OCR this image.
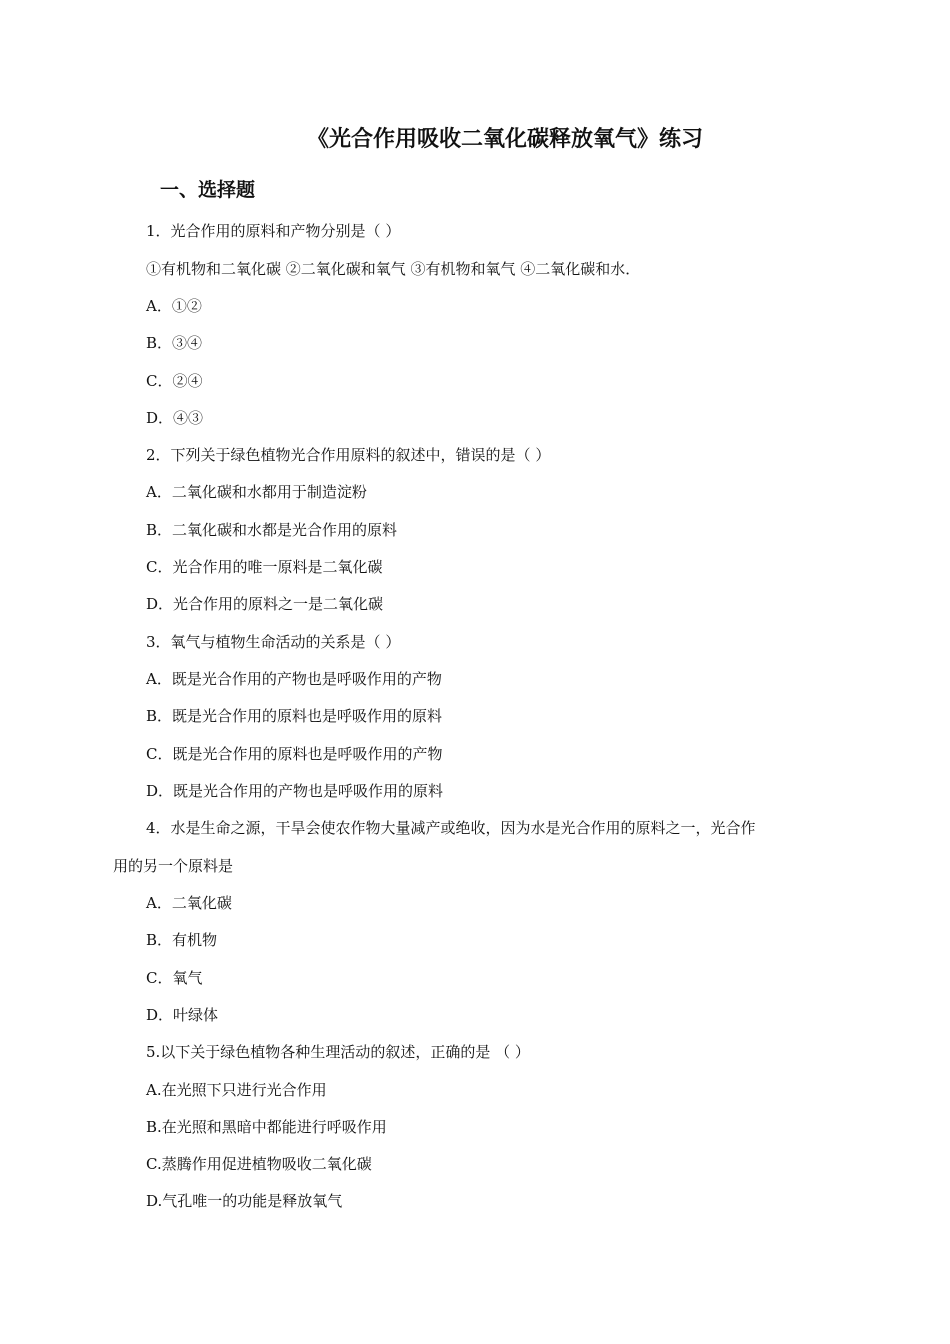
《光合作用吸收二氧化碳释放氧气》练习
一、选择题
1．光合作用的原料和产物分别是（ ）
①有机物和二氧化碳 ②二氧化碳和氧气 ③有机物和氧气 ④二氧化碳和水．
A．①②
B．③④
C．②④
D．④③
2．下列关于绿色植物光合作用原料的叙述中，错误的是（ ）
A．二氧化碳和水都用于制造淀粉
B．二氧化碳和水都是光合作用的原料
C．光合作用的唯一原料是二氧化碳
D．光合作用的原料之一是二氧化碳
3．氧气与植物生命活动的关系是（ ）
A．既是光合作用的产物也是呼吸作用的产物
B．既是光合作用的原料也是呼吸作用的原料
C．既是光合作用的原料也是呼吸作用的产物
D．既是光合作用的产物也是呼吸作用的原料
4．水是生命之源，干旱会使农作物大量减产或绝收，因为水是光合作用的原料之一，光合作
用的另一个原料是
A．二氧化碳
B．有机物
C．氧气
D．叶绿体
5.以下关于绿色植物各种生理活动的叙述，正确的是 （ ）
A.在光照下只进行光合作用
B.在光照和黑暗中都能进行呼吸作用
C.蒸腾作用促进植物吸收二氧化碳
D.气孔唯一的功能是释放氧气
